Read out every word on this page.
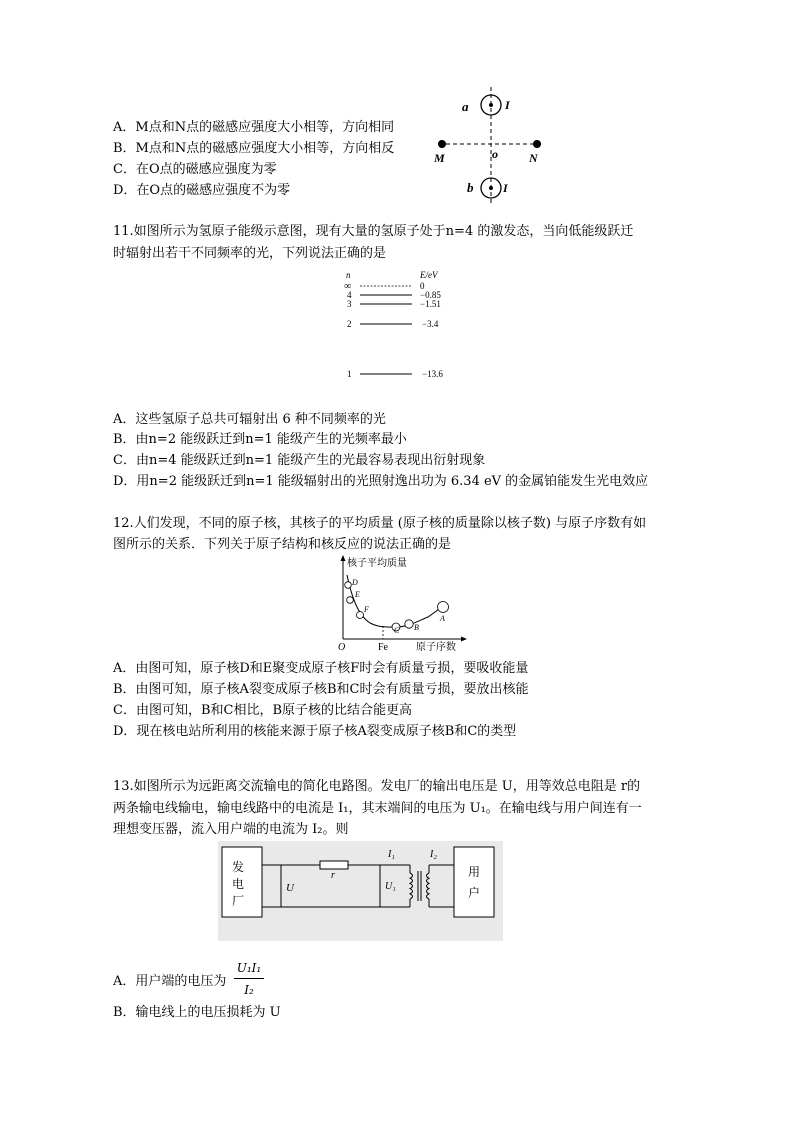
A．M点和N点的磁感应强度大小相等，方向相同
B．M点和N点的磁感应强度大小相等，方向相反
C．在O点的磁感应强度为零
D．在O点的磁感应强度不为零
a	I
M	N
o
b I
11.如图所示为氢原子能级示意图，现有大量的氢原子处于n=4 的激发态，当向低能级跃迁
时辐射出若干不同频率的光，下列说法正确的是
n	E/eV
∞	0
4	−0.85
3	−1.51
2	−3.4
1	−13.6
A．这些氢原子总共可辐射出 6 种不同频率的光
B．由n=2 能级跃迁到n=1 能级产生的光频率最小
C．由n=4 能级跃迁到n=1 能级产生的光最容易表现出衍射现象
D．用n=2 能级跃迁到n=1 能级辐射出的光照射逸出功为 6.34 eV 的金属铂能发生光电效应
12.人们发现，不同的原子核，其核子的平均质量 (原子核的质量除以核子数) 与原子序数有如
图所示的关系．下列关于原子结构和核反应的说法正确的是
核子平均质量
原子序数
O	Fe
D
E
F
C B
A
A．由图可知，原子核D和E聚变成原子核F时会有质量亏损，要吸收能量
B．由图可知，原子核A裂变成原子核B和C时会有质量亏损，要放出核能
C．由图可知，B和C相比，B原子核的比结合能更高
D．现在核电站所利用的核能来源于原子核A裂变成原子核B和C的类型
13.如图所示为远距离交流输电的简化电路图。发电厂的输出电压是 U，用等效总电阻是 r的
两条输电线输电，输电线路中的电流是 I₁，其末端间的电压为 U₁。在输电线与用户间连有一
理想变压器，流入用户端的电流为 I₂。则
发
电
厂
用
户
U
r
I₁	I₂
U₁
A．用户端的电压为
U₁I₁
I₂
B．输电线上的电压损耗为 U
